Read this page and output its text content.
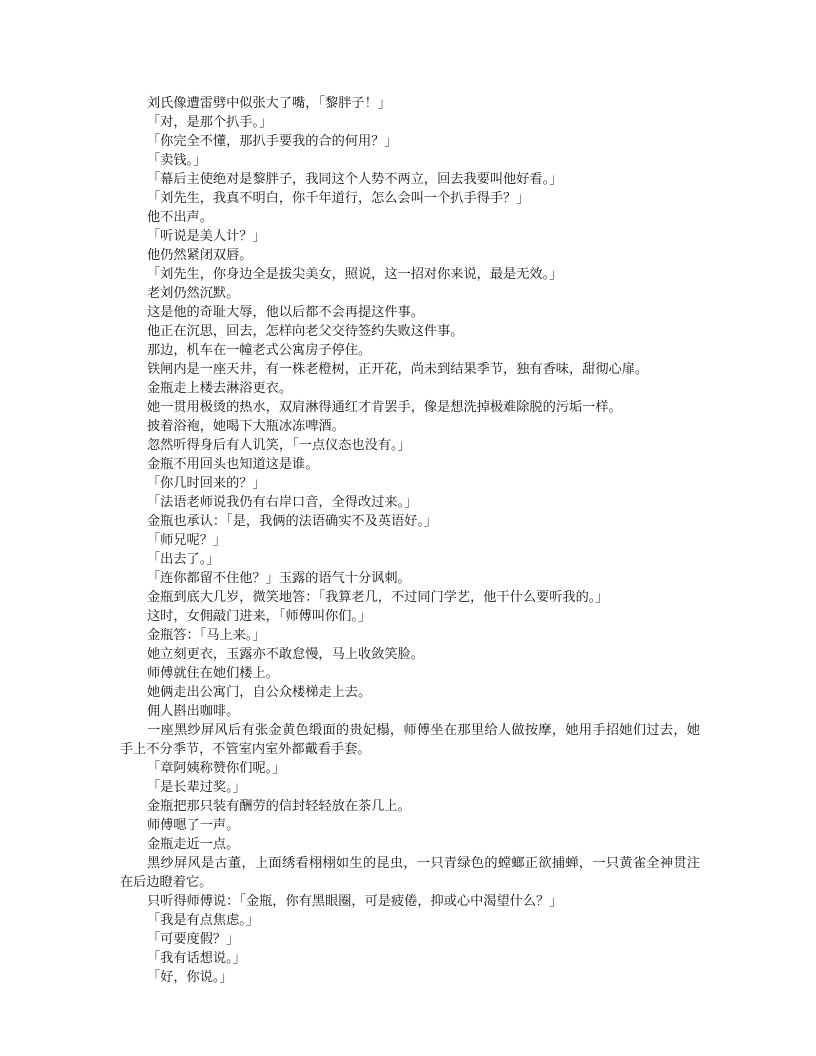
刘氏像遭雷劈中似张大了嘴，「黎胖子！」

「对，是那个扒手。」

「你完全不懂，那扒手要我的合的何用？」

「卖钱。」

「幕后主使绝对是黎胖子，我同这个人势不两立，回去我要叫他好看。」

「刘先生，我真不明白，你千年道行，怎么会叫一个扒手得手？」

他不出声。

「听说是美人计？」

他仍然紧闭双唇。

「刘先生，你身边全是拔尖美女，照说，这一招对你来说，最是无效。」

老刘仍然沉默。

这是他的奇耻大辱，他以后都不会再提这件事。

他正在沉思，回去，怎样向老父交待签约失败这件事。

那边，机车在一幢老式公寓房子停住。

铁闸内是一座天井，有一株老橙树，正开花，尚未到结果季节，独有香味，甜彻心扉。

金瓶走上楼去淋浴更衣。

她一贯用极烫的热水，双肩淋得通红才肯罢手，像是想洗掉极难除脱的污垢一样。

披着浴袍，她喝下大瓶冰冻啤酒。

忽然听得身后有人讥笑，「一点仪态也没有。」

金瓶不用回头也知道这是谁。

「你几时回来的？」

「法语老师说我仍有右岸口音，全得改过来。」

金瓶也承认：「是，我俩的法语确实不及英语好。」

「师兄呢？」

「出去了。」

「连你都留不住他？」玉露的语气十分讽刺。

金瓶到底大几岁，微笑地答：「我算老几，不过同门学艺，他干什么要听我的。」

这时，女佣敲门进来，「师傅叫你们。」

金瓶答：「马上来。」

她立刻更衣，玉露亦不敢怠慢，马上收敛笑脸。

师傅就住在她们楼上。

她俩走出公寓门，自公众楼梯走上去。

佣人斟出咖啡。

一座黑纱屏风后有张金黄色缎面的贵妃榻，师傅坐在那里给人做按摩，她用手招她们过去，她手上不分季节，不管室内室外都戴看手套。

「章阿姨称赞你们呢。」

「是长辈过奖。」

金瓶把那只装有酬劳的信封轻轻放在茶几上。

师傅嗯了一声。

金瓶走近一点。

黑纱屏风是古董，上面绣看栩栩如生的昆虫，一只青绿色的螳螂正欲捕蝉，一只黄雀全神贯注在后边瞪着它。

只听得师傅说：「金瓶，你有黑眼圈，可是疲倦，抑或心中渴望什么？」

「我是有点焦虑。」

「可要度假？」

「我有话想说。」

「好，你说。」
